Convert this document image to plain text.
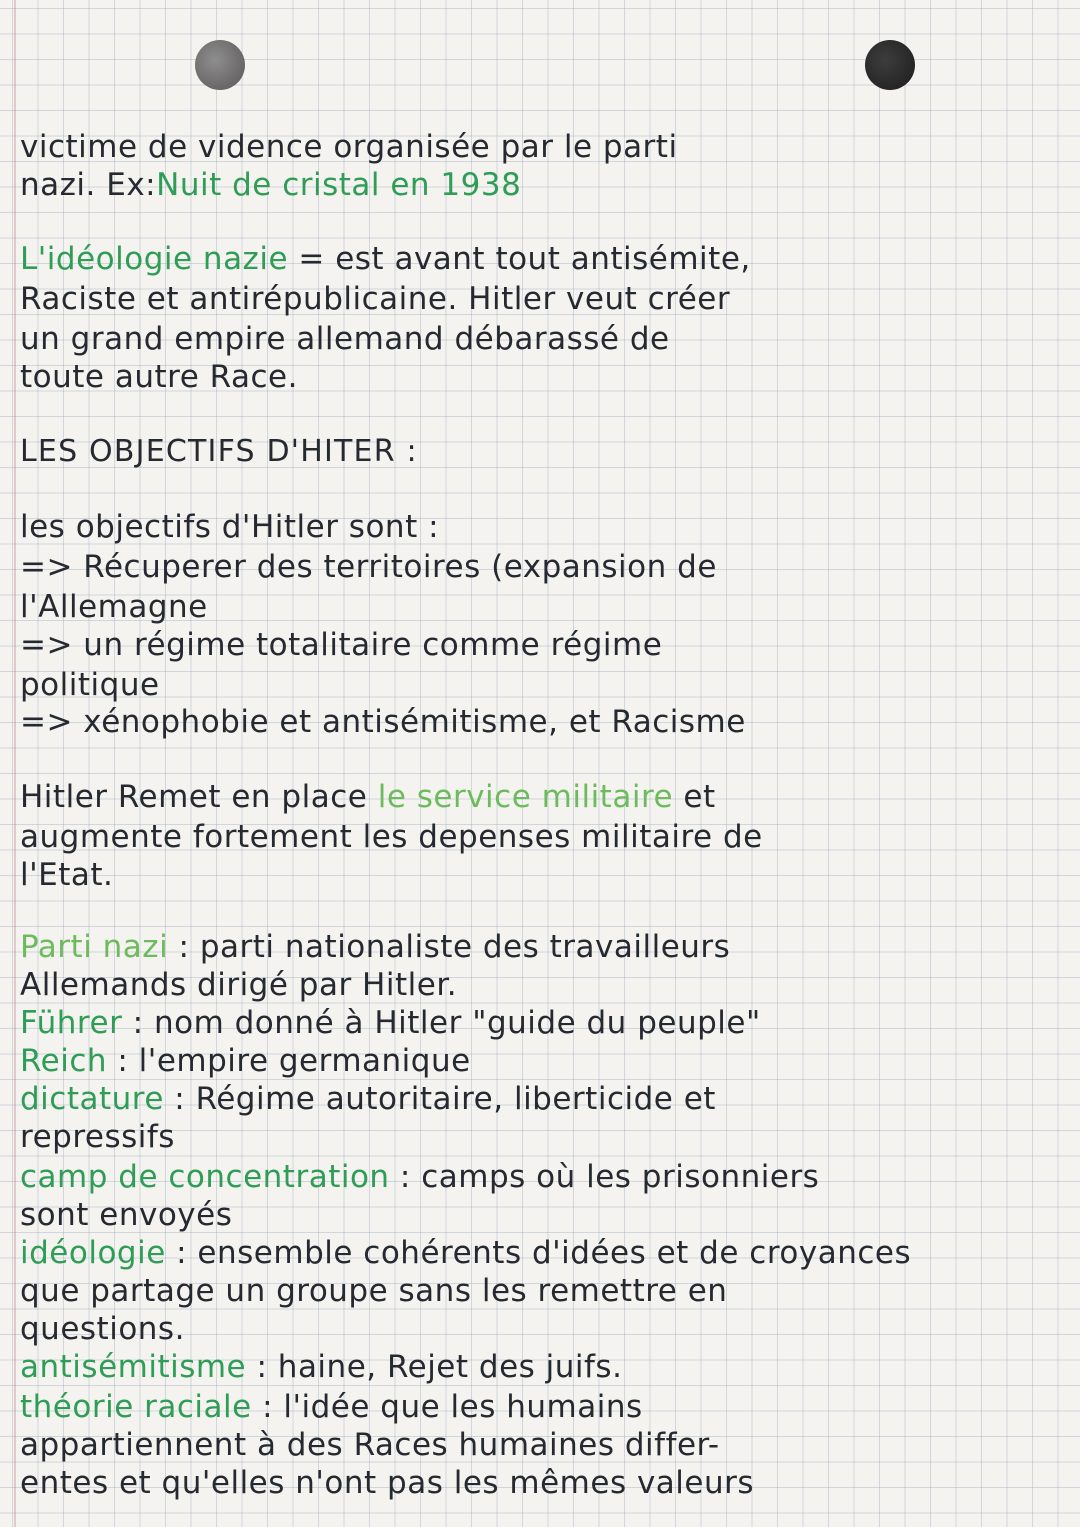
victime de vidence organisée par le parti
nazi. Ex:Nuit de cristal en 1938
L'idéologie nazie = est avant tout antisémite,
Raciste et antirépublicaine. Hitler veut créer
un grand empire allemand débarassé de
toute autre Race.
LES OBJECTIFS D'HITER :
les objectifs d'Hitler sont :
=> Récuperer des territoires (expansion de
l'Allemagne
=> un régime totalitaire comme régime
politique
=> xénophobie et antisémitisme, et Racisme
Hitler Remet en place le service militaire et
augmente fortement les depenses militaire de
l'Etat.
Parti nazi : parti nationaliste des travailleurs
Allemands dirigé par Hitler.
Führer : nom donné à Hitler "guide du peuple"
Reich : l'empire germanique
dictature : Régime autoritaire, liberticide et
repressifs
camp de concentration : camps où les prisonniers
sont envoyés
idéologie : ensemble cohérents d'idées et de croyances
que partage un groupe sans les remettre en
questions.
antisémitisme : haine, Rejet des juifs.
théorie raciale : l'idée que les humains
appartiennent à des Races humaines differ-
entes et qu'elles n'ont pas les mêmes valeurs
